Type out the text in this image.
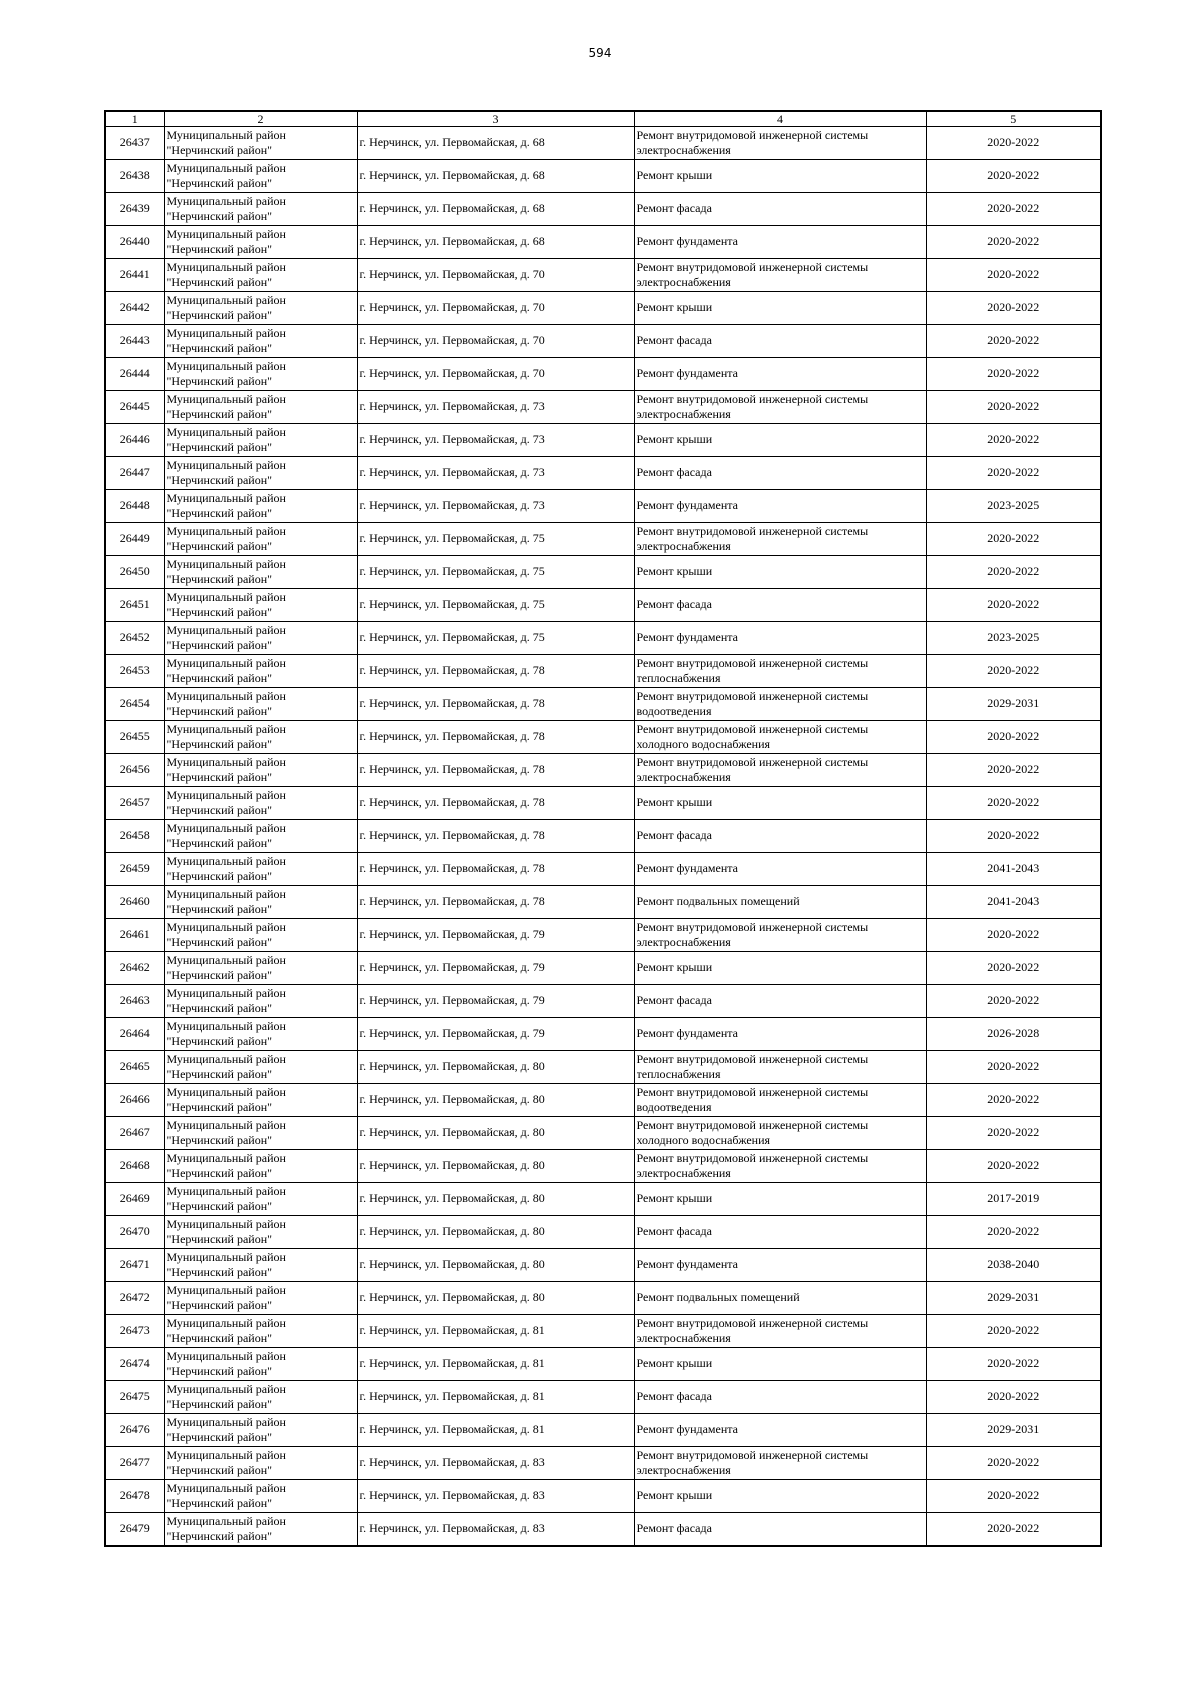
594
1	2	3	4	5
26437	Муниципальный район
"Нерчинский район"	г. Нерчинск, ул. Первомайская, д. 68	Ремонт внутридомовой инженерной системы
электроснабжения	2020-2022
26438	Муниципальный район
"Нерчинский район"	г. Нерчинск, ул. Первомайская, д. 68	Ремонт крыши	2020-2022
26439	Муниципальный район
"Нерчинский район"	г. Нерчинск, ул. Первомайская, д. 68	Ремонт фасада	2020-2022
26440	Муниципальный район
"Нерчинский район"	г. Нерчинск, ул. Первомайская, д. 68	Ремонт фундамента	2020-2022
26441	Муниципальный район
"Нерчинский район"	г. Нерчинск, ул. Первомайская, д. 70	Ремонт внутридомовой инженерной системы
электроснабжения	2020-2022
26442	Муниципальный район
"Нерчинский район"	г. Нерчинск, ул. Первомайская, д. 70	Ремонт крыши	2020-2022
26443	Муниципальный район
"Нерчинский район"	г. Нерчинск, ул. Первомайская, д. 70	Ремонт фасада	2020-2022
26444	Муниципальный район
"Нерчинский район"	г. Нерчинск, ул. Первомайская, д. 70	Ремонт фундамента	2020-2022
26445	Муниципальный район
"Нерчинский район"	г. Нерчинск, ул. Первомайская, д. 73	Ремонт внутридомовой инженерной системы
электроснабжения	2020-2022
26446	Муниципальный район
"Нерчинский район"	г. Нерчинск, ул. Первомайская, д. 73	Ремонт крыши	2020-2022
26447	Муниципальный район
"Нерчинский район"	г. Нерчинск, ул. Первомайская, д. 73	Ремонт фасада	2020-2022
26448	Муниципальный район
"Нерчинский район"	г. Нерчинск, ул. Первомайская, д. 73	Ремонт фундамента	2023-2025
26449	Муниципальный район
"Нерчинский район"	г. Нерчинск, ул. Первомайская, д. 75	Ремонт внутридомовой инженерной системы
электроснабжения	2020-2022
26450	Муниципальный район
"Нерчинский район"	г. Нерчинск, ул. Первомайская, д. 75	Ремонт крыши	2020-2022
26451	Муниципальный район
"Нерчинский район"	г. Нерчинск, ул. Первомайская, д. 75	Ремонт фасада	2020-2022
26452	Муниципальный район
"Нерчинский район"	г. Нерчинск, ул. Первомайская, д. 75	Ремонт фундамента	2023-2025
26453	Муниципальный район
"Нерчинский район"	г. Нерчинск, ул. Первомайская, д. 78	Ремонт внутридомовой инженерной системы
теплоснабжения	2020-2022
26454	Муниципальный район
"Нерчинский район"	г. Нерчинск, ул. Первомайская, д. 78	Ремонт внутридомовой инженерной системы
водоотведения	2029-2031
26455	Муниципальный район
"Нерчинский район"	г. Нерчинск, ул. Первомайская, д. 78	Ремонт внутридомовой инженерной системы
холодного водоснабжения	2020-2022
26456	Муниципальный район
"Нерчинский район"	г. Нерчинск, ул. Первомайская, д. 78	Ремонт внутридомовой инженерной системы
электроснабжения	2020-2022
26457	Муниципальный район
"Нерчинский район"	г. Нерчинск, ул. Первомайская, д. 78	Ремонт крыши	2020-2022
26458	Муниципальный район
"Нерчинский район"	г. Нерчинск, ул. Первомайская, д. 78	Ремонт фасада	2020-2022
26459	Муниципальный район
"Нерчинский район"	г. Нерчинск, ул. Первомайская, д. 78	Ремонт фундамента	2041-2043
26460	Муниципальный район
"Нерчинский район"	г. Нерчинск, ул. Первомайская, д. 78	Ремонт подвальных помещений	2041-2043
26461	Муниципальный район
"Нерчинский район"	г. Нерчинск, ул. Первомайская, д. 79	Ремонт внутридомовой инженерной системы
электроснабжения	2020-2022
26462	Муниципальный район
"Нерчинский район"	г. Нерчинск, ул. Первомайская, д. 79	Ремонт крыши	2020-2022
26463	Муниципальный район
"Нерчинский район"	г. Нерчинск, ул. Первомайская, д. 79	Ремонт фасада	2020-2022
26464	Муниципальный район
"Нерчинский район"	г. Нерчинск, ул. Первомайская, д. 79	Ремонт фундамента	2026-2028
26465	Муниципальный район
"Нерчинский район"	г. Нерчинск, ул. Первомайская, д. 80	Ремонт внутридомовой инженерной системы
теплоснабжения	2020-2022
26466	Муниципальный район
"Нерчинский район"	г. Нерчинск, ул. Первомайская, д. 80	Ремонт внутридомовой инженерной системы
водоотведения	2020-2022
26467	Муниципальный район
"Нерчинский район"	г. Нерчинск, ул. Первомайская, д. 80	Ремонт внутридомовой инженерной системы
холодного водоснабжения	2020-2022
26468	Муниципальный район
"Нерчинский район"	г. Нерчинск, ул. Первомайская, д. 80	Ремонт внутридомовой инженерной системы
электроснабжения	2020-2022
26469	Муниципальный район
"Нерчинский район"	г. Нерчинск, ул. Первомайская, д. 80	Ремонт крыши	2017-2019
26470	Муниципальный район
"Нерчинский район"	г. Нерчинск, ул. Первомайская, д. 80	Ремонт фасада	2020-2022
26471	Муниципальный район
"Нерчинский район"	г. Нерчинск, ул. Первомайская, д. 80	Ремонт фундамента	2038-2040
26472	Муниципальный район
"Нерчинский район"	г. Нерчинск, ул. Первомайская, д. 80	Ремонт подвальных помещений	2029-2031
26473	Муниципальный район
"Нерчинский район"	г. Нерчинск, ул. Первомайская, д. 81	Ремонт внутридомовой инженерной системы
электроснабжения	2020-2022
26474	Муниципальный район
"Нерчинский район"	г. Нерчинск, ул. Первомайская, д. 81	Ремонт крыши	2020-2022
26475	Муниципальный район
"Нерчинский район"	г. Нерчинск, ул. Первомайская, д. 81	Ремонт фасада	2020-2022
26476	Муниципальный район
"Нерчинский район"	г. Нерчинск, ул. Первомайская, д. 81	Ремонт фундамента	2029-2031
26477	Муниципальный район
"Нерчинский район"	г. Нерчинск, ул. Первомайская, д. 83	Ремонт внутридомовой инженерной системы
электроснабжения	2020-2022
26478	Муниципальный район
"Нерчинский район"	г. Нерчинск, ул. Первомайская, д. 83	Ремонт крыши	2020-2022
26479	Муниципальный район
"Нерчинский район"	г. Нерчинск, ул. Первомайская, д. 83	Ремонт фасада	2020-2022
